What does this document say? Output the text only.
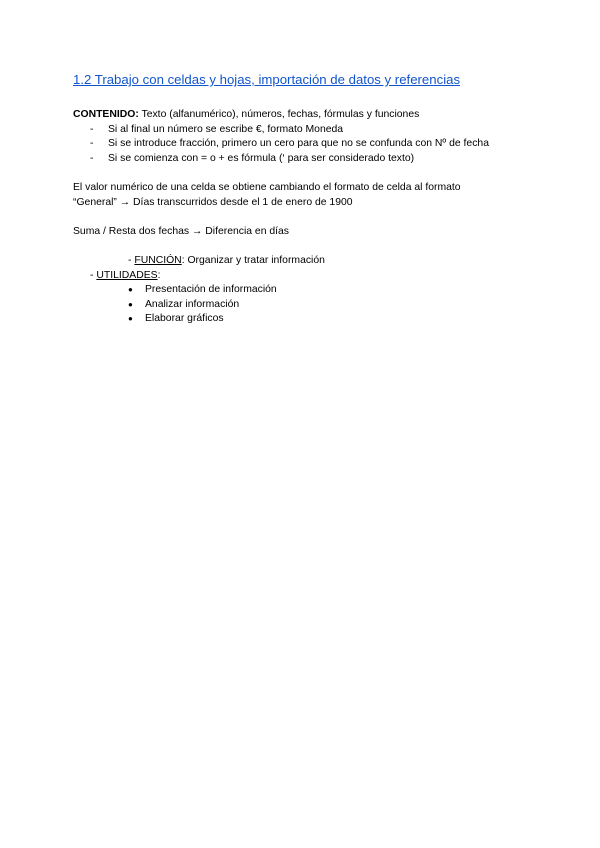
1.2 Trabajo con celdas y hojas, importación de datos y referencias
CONTENIDO: Texto (alfanumérico), números, fechas, fórmulas y funciones
- Si al final un número se escribe €, formato Moneda
- Si se introduce fracción, primero un cero para que no se confunda con Nº de fecha
- Si se comienza con = o + es fórmula (‘ para ser considerado texto)
El valor numérico de una celda se obtiene cambiando el formato de celda al formato
“General” → Días transcurridos desde el 1 de enero de 1900
Suma / Resta dos fechas → Diferencia en días
- FUNCIÓN: Organizar y tratar información
- UTILIDADES:
● Presentación de información
● Analizar información
● Elaborar gráficos
